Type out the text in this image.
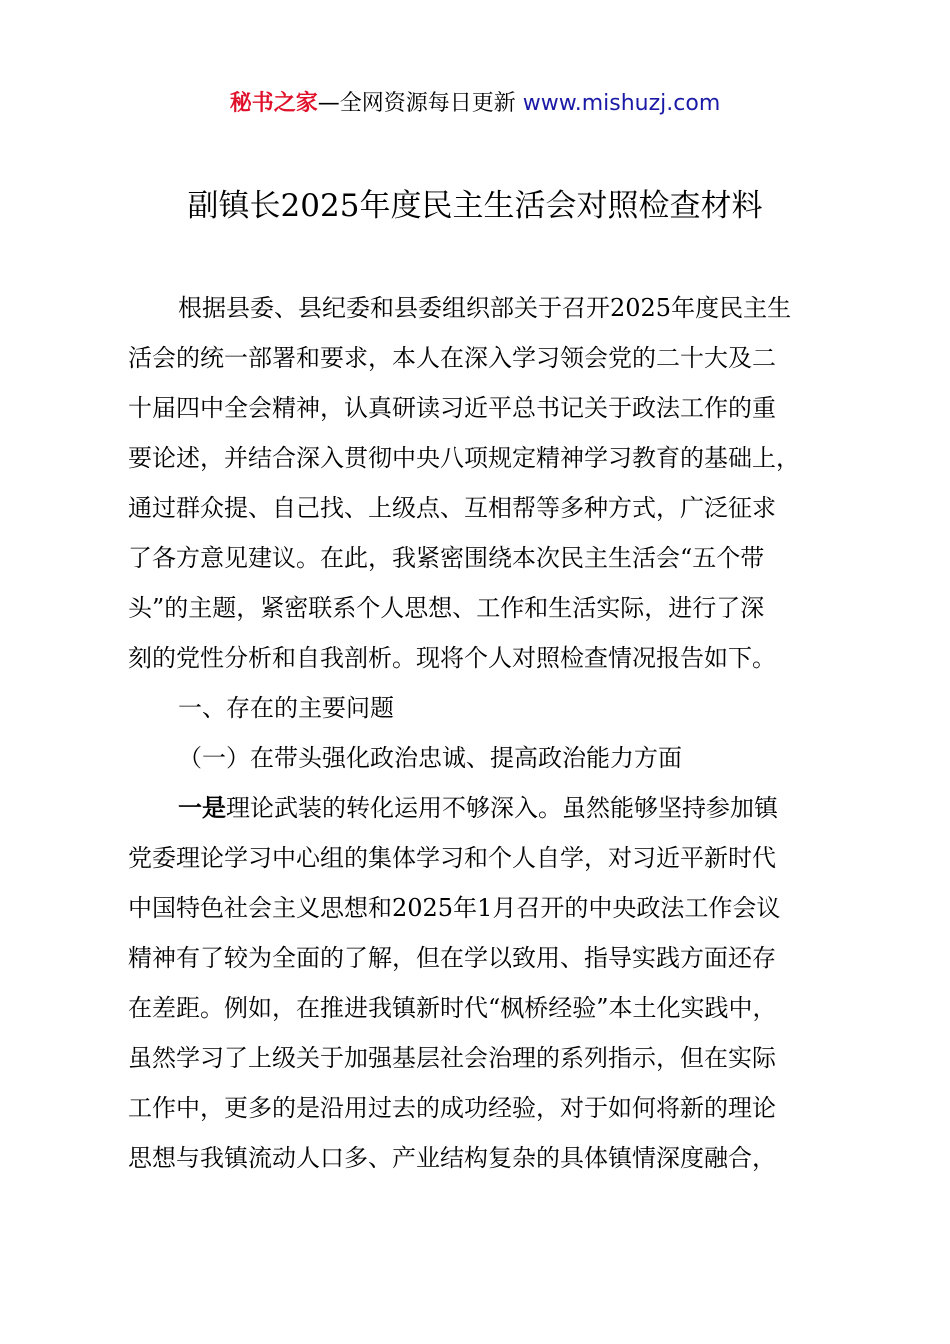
秘书之家—全网资源每日更新 www.mishuzj.com
副镇长2025年度民主生活会对照检查材料
根据县委、县纪委和县委组织部关于召开2025年度民主生
活会的统一部署和要求，本人在深入学习领会党的二十大及二
十届四中全会精神，认真研读习近平总书记关于政法工作的重
要论述，并结合深入贯彻中央八项规定精神学习教育的基础上，
通过群众提、自己找、上级点、互相帮等多种方式，广泛征求
了各方意见建议。在此，我紧密围绕本次民主生活会“五个带
头”的主题，紧密联系个人思想、工作和生活实际，进行了深
刻的党性分析和自我剖析。现将个人对照检查情况报告如下。
一、存在的主要问题
（一）在带头强化政治忠诚、提高政治能力方面
一是理论武装的转化运用不够深入。虽然能够坚持参加镇
党委理论学习中心组的集体学习和个人自学，对习近平新时代
中国特色社会主义思想和2025年1月召开的中央政法工作会议
精神有了较为全面的了解，但在学以致用、指导实践方面还存
在差距。例如，在推进我镇新时代“枫桥经验”本土化实践中，
虽然学习了上级关于加强基层社会治理的系列指示，但在实际
工作中，更多的是沿用过去的成功经验，对于如何将新的理论
思想与我镇流动人口多、产业结构复杂的具体镇情深度融合，
